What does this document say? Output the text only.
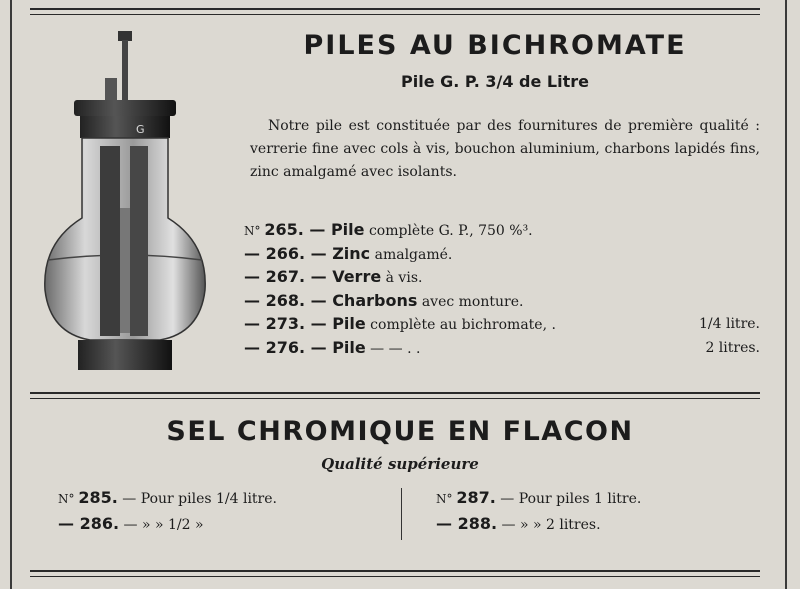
G
PILES AU BICHROMATE
Pile G. P. 3/4 de Litre

Notre pile est constituée par des fournitures de première qualité : verrerie fine avec cols à vis, bouchon aluminium, charbons lapidés fins, zinc amalgamé avec isolants.

N° 265. — Pile complète G. P., 750 %³.
— 266. — Zinc amalgamé.
— 267. — Verre à vis.
— 268. — Charbons avec monture.
— 273. — Pile complète au bichromate, .	1/4 litre.
— 276. — Pile — — . .	2 litres.
SEL CHROMIQUE EN FLACON
Qualité supérieure
N° 285. — Pour piles 1/4 litre.
— 286. — » » 1/2 »
N° 287. — Pour piles 1 litre.
— 288. — » » 2 litres.
